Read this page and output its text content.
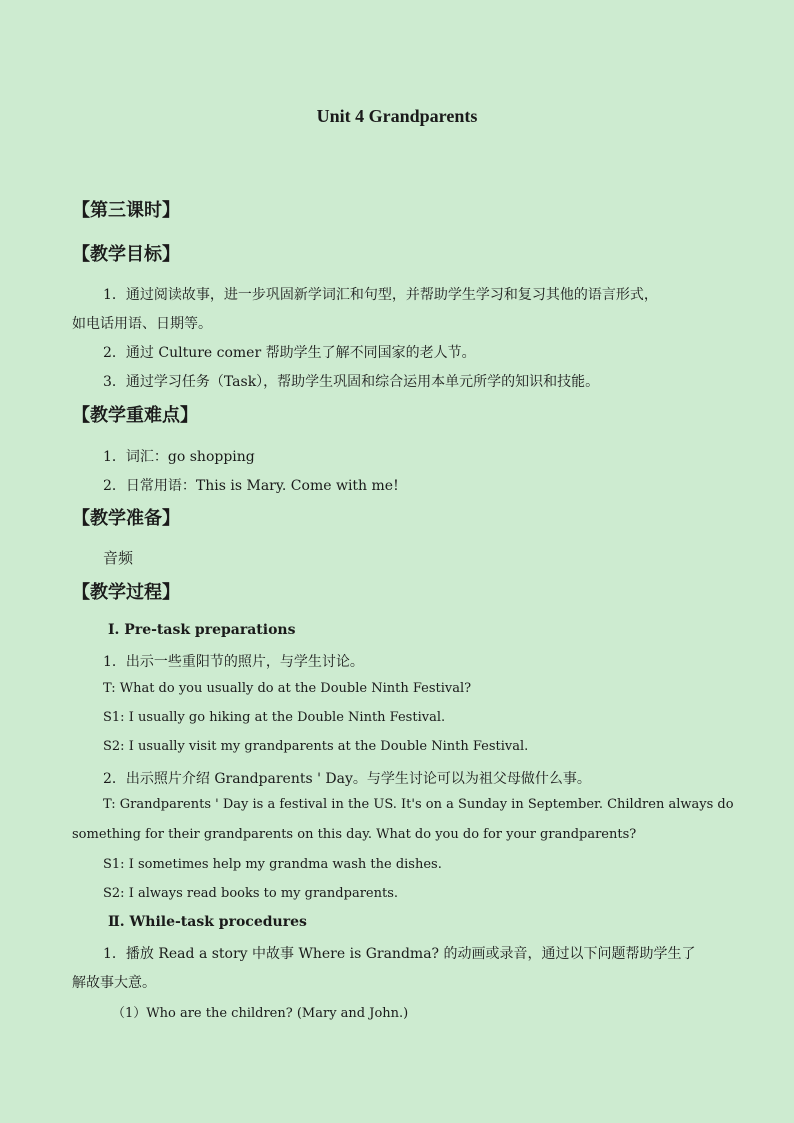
Unit 4 Grandparents
【第三课时】
【教学目标】
1．通过阅读故事，进一步巩固新学词汇和句型，并帮助学生学习和复习其他的语言形式，
如电话用语、日期等。
2．通过 Culture comer 帮助学生了解不同国家的老人节。
3．通过学习任务（Task），帮助学生巩固和综合运用本单元所学的知识和技能。
【教学重难点】
1．词汇：go shopping
2．日常用语：This is Mary. Come with me!
【教学准备】
音频
【教学过程】
Ⅰ. Pre-task preparations
1．出示一些重阳节的照片，与学生讨论。
T: What do you usually do at the Double Ninth Festival?
S1: I usually go hiking at the Double Ninth Festival.
S2: I usually visit my grandparents at the Double Ninth Festival.
2．出示照片介绍 Grandparents ' Day。与学生讨论可以为祖父母做什么事。
T: Grandparents ' Day is a festival in the US. It's on a Sunday in September. Children always do
something for their grandparents on this day. What do you do for your grandparents?
S1: I sometimes help my grandma wash the dishes.
S2: I always read books to my grandparents.
Ⅱ. While-task procedures
1．播放 Read a story 中故事 Where is Grandma? 的动画或录音，通过以下问题帮助学生了
解故事大意。
（1）Who are the children? (Mary and John.)
